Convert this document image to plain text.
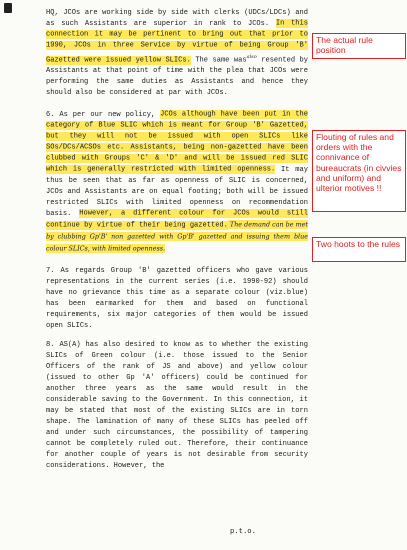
HQ, JCOs are working side by side with clerks (UDCs/LDCs) and as such Assistants are superior in rank to JCOs. In this connection it may be pertinent to bring out that prior to 1990, JCOs in three Service by virtue of being Group 'B' Gazetted were issued yellow SLICs. The same was$^{also}$ resented by Assistants at that point of time with the plea that JCOs were performing the same duties as Assistants and hence they should also be considered at par with JCOs.

6. As per our new policy, JCOs although have been put in the category of Blue SLIC which is meant for Group 'B' Gazetted, but they will not be issued with open SLICs like SOs/DCs/ACSOs etc. Assistants, being non-gazetted have been clubbed with Groups 'C' & 'D' and will be issued red SLIC which is generally restricted with limited openness. It may thus be seen that as far as openness of SLIC is concerned, JCOs and Assistants are on equal footing; both will be issued restricted SLICs with limited openness on recommendation basis. However, a different colour for JCOs would still continue by virtue of their being gazetted. The demand can be met by clubbing Gp'B' non gazetted with Gp'B' gazetted and issuing them blue colour SLICs, with limited openness.

7. As regards Group 'B' gazetted officers who gave various representations in the current series (i.e. 1990-92) should have no grievance this time as a separate colour (viz.blue) has been earmarked for them and based on functional requirements, six major categories of them would be issued open SLICs.

8. AS(A) has also desired to know as to whether the existing SLICs of Green colour (i.e. those issued to the Senior Officers of the rank of JS and above) and yellow colour (issued to other Gp 'A' officers) could be continued for another three years as the same would result in the considerable saving to the Government. In this connection, it may be stated that most of the existing SLICs are in torn shape. The lamination of many of these SLICs has peeled off and under such circumstances, the possibility of tampering cannot be completely ruled out. Therefore, their continuance for another couple of years is not desirable from security considerations. However, the

p.t.o.
The actual rule position
Flouting of rules and orders with the connivance of bureaucrats (in civvies and uniform) and ulterior motives !!
Two hoots to the rules
